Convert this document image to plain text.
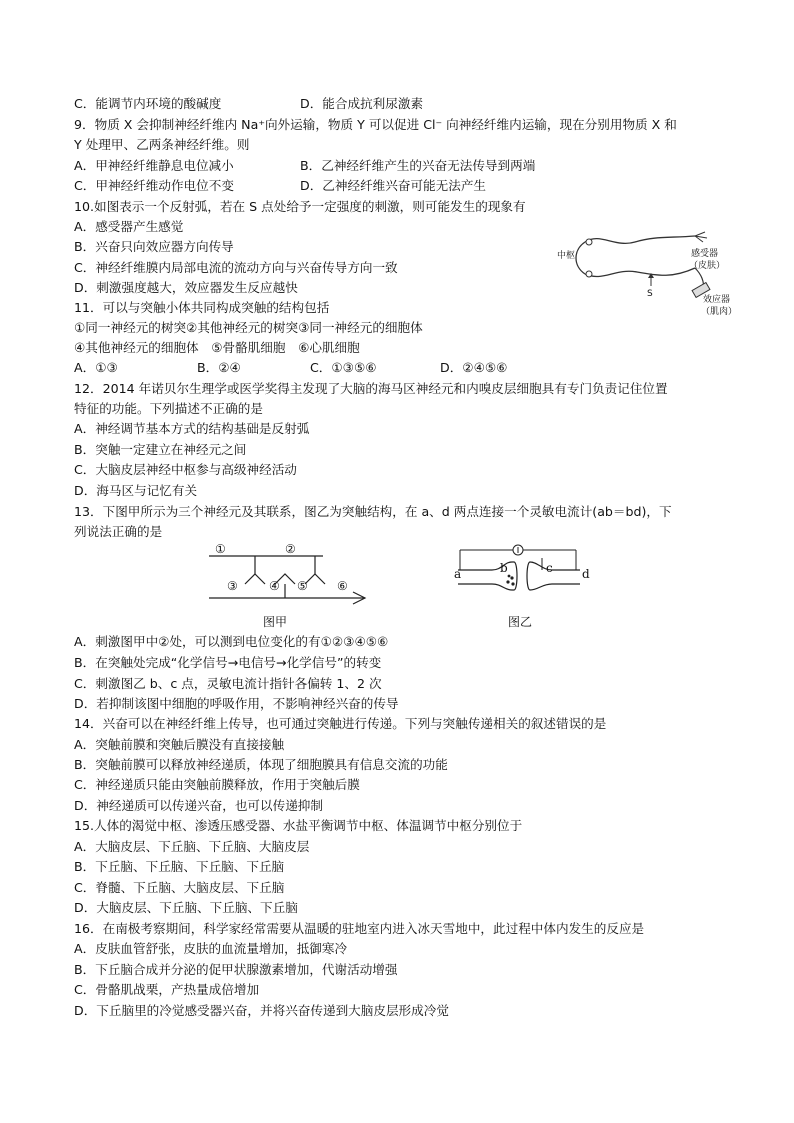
C．能调节内环境的酸碱度	D．能合成抗利尿激素
9．物质 X 会抑制神经纤维内 Na⁺向外运输，物质 Y 可以促进 Cl⁻ 向神经纤维内运输，现在分别用物质 X 和
Y 处理甲、乙两条神经纤维。则
A．甲神经纤维静息电位减小	B．乙神经纤维产生的兴奋无法传导到两端
C．甲神经纤维动作电位不变	D．乙神经纤维兴奋可能无法产生
10.如图表示一个反射弧，若在 S 点处给予一定强度的刺激，则可能发生的现象有
A．感受器产生感觉
B．兴奋只向效应器方向传导
C．神经纤维膜内局部电流的流动方向与兴奋传导方向一致
D．刺激强度越大，效应器发生反应越快
中枢	感受器
（皮肤）
S
效应器
（肌肉）
11．可以与突触小体共同构成突触的结构包括
①同一神经元的树突②其他神经元的树突③同一神经元的细胞体
④其他神经元的细胞体　⑤骨骼肌细胞　⑥心肌细胞
A．①③	B．②④	C．①③⑤⑥	D．②④⑤⑥
12．2014 年诺贝尔生理学或医学奖得主发现了大脑的海马区神经元和内嗅皮层细胞具有专门负责记住位置
特征的功能。下列描述不正确的是
A．神经调节基本方式的结构基础是反射弧
B．突触一定建立在神经元之间
C．大脑皮层神经中枢参与高级神经活动
D．海马区与记忆有关
13．下图甲所示为三个神经元及其联系，图乙为突触结构，在 a、d 两点连接一个灵敏电流计(ab＝bd)，下
列说法正确的是
①	②
③	④ ⑤ ⑥
图甲
a	b	c d
图乙
A．刺激图甲中②处，可以测到电位变化的有①②③④⑤⑥
B．在突触处完成“化学信号→电信号→化学信号”的转变
C．刺激图乙 b、c 点，灵敏电流计指针各偏转 1、2 次
D．若抑制该图中细胞的呼吸作用，不影响神经兴奋的传导
14．兴奋可以在神经纤维上传导，也可通过突触进行传递。下列与突触传递相关的叙述错误的是
A．突触前膜和突触后膜没有直接接触
B．突触前膜可以释放神经递质，体现了细胞膜具有信息交流的功能
C．神经递质只能由突触前膜释放，作用于突触后膜
D．神经递质可以传递兴奋，也可以传递抑制
15.人体的渴觉中枢、渗透压感受器、水盐平衡调节中枢、体温调节中枢分别位于
A．大脑皮层、下丘脑、下丘脑、大脑皮层
B．下丘脑、下丘脑、下丘脑、下丘脑
C．脊髓、下丘脑、大脑皮层、下丘脑
D．大脑皮层、下丘脑、下丘脑、下丘脑
16．在南极考察期间，科学家经常需要从温暖的驻地室内进入冰天雪地中，此过程中体内发生的反应是
A．皮肤血管舒张，皮肤的血流量增加，抵御寒冷
B．下丘脑合成并分泌的促甲状腺激素增加，代谢活动增强
C．骨骼肌战栗，产热量成倍增加
D．下丘脑里的冷觉感受器兴奋，并将兴奋传递到大脑皮层形成冷觉
